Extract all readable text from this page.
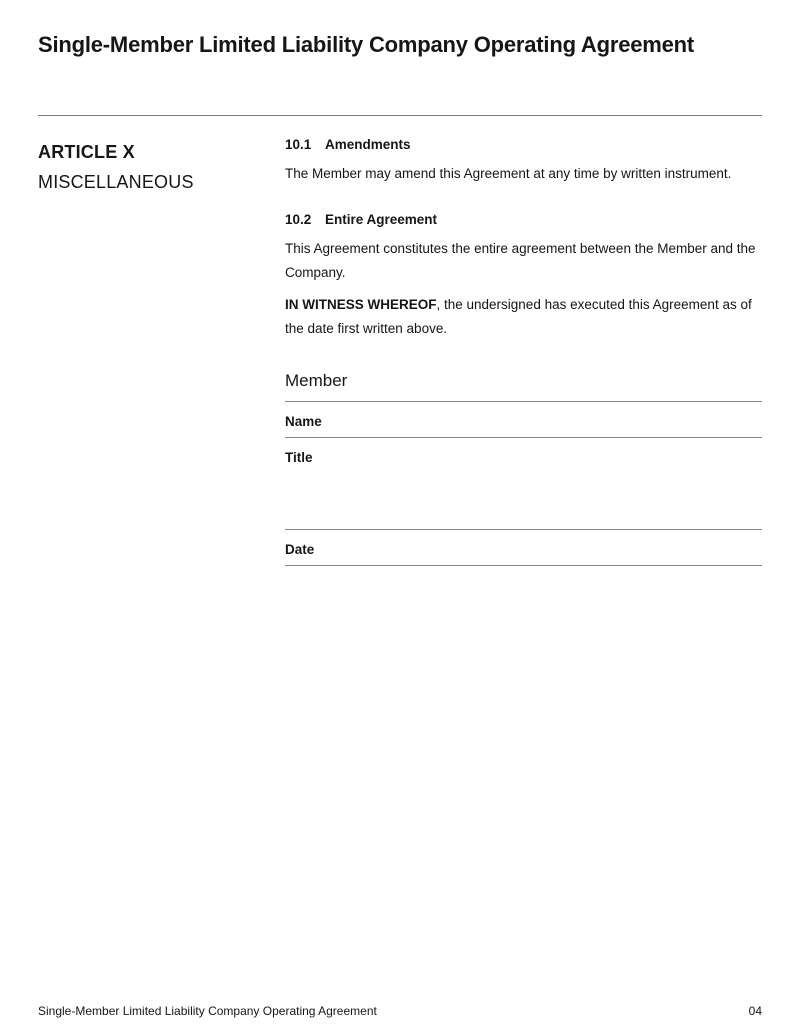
Single-Member Limited Liability Company Operating Agreement
ARTICLE X
MISCELLANEOUS

10.1	Amendments

The Member may amend this Agreement at any time by written instrument.

10.2	Entire Agreement

This Agreement constitutes the entire agreement between the Member and the Company.

IN WITNESS WHEREOF, the undersigned has executed this Agreement as of the date first written above.

Member
Name
Title
Date
Single-Member Limited Liability Company Operating Agreement	04
